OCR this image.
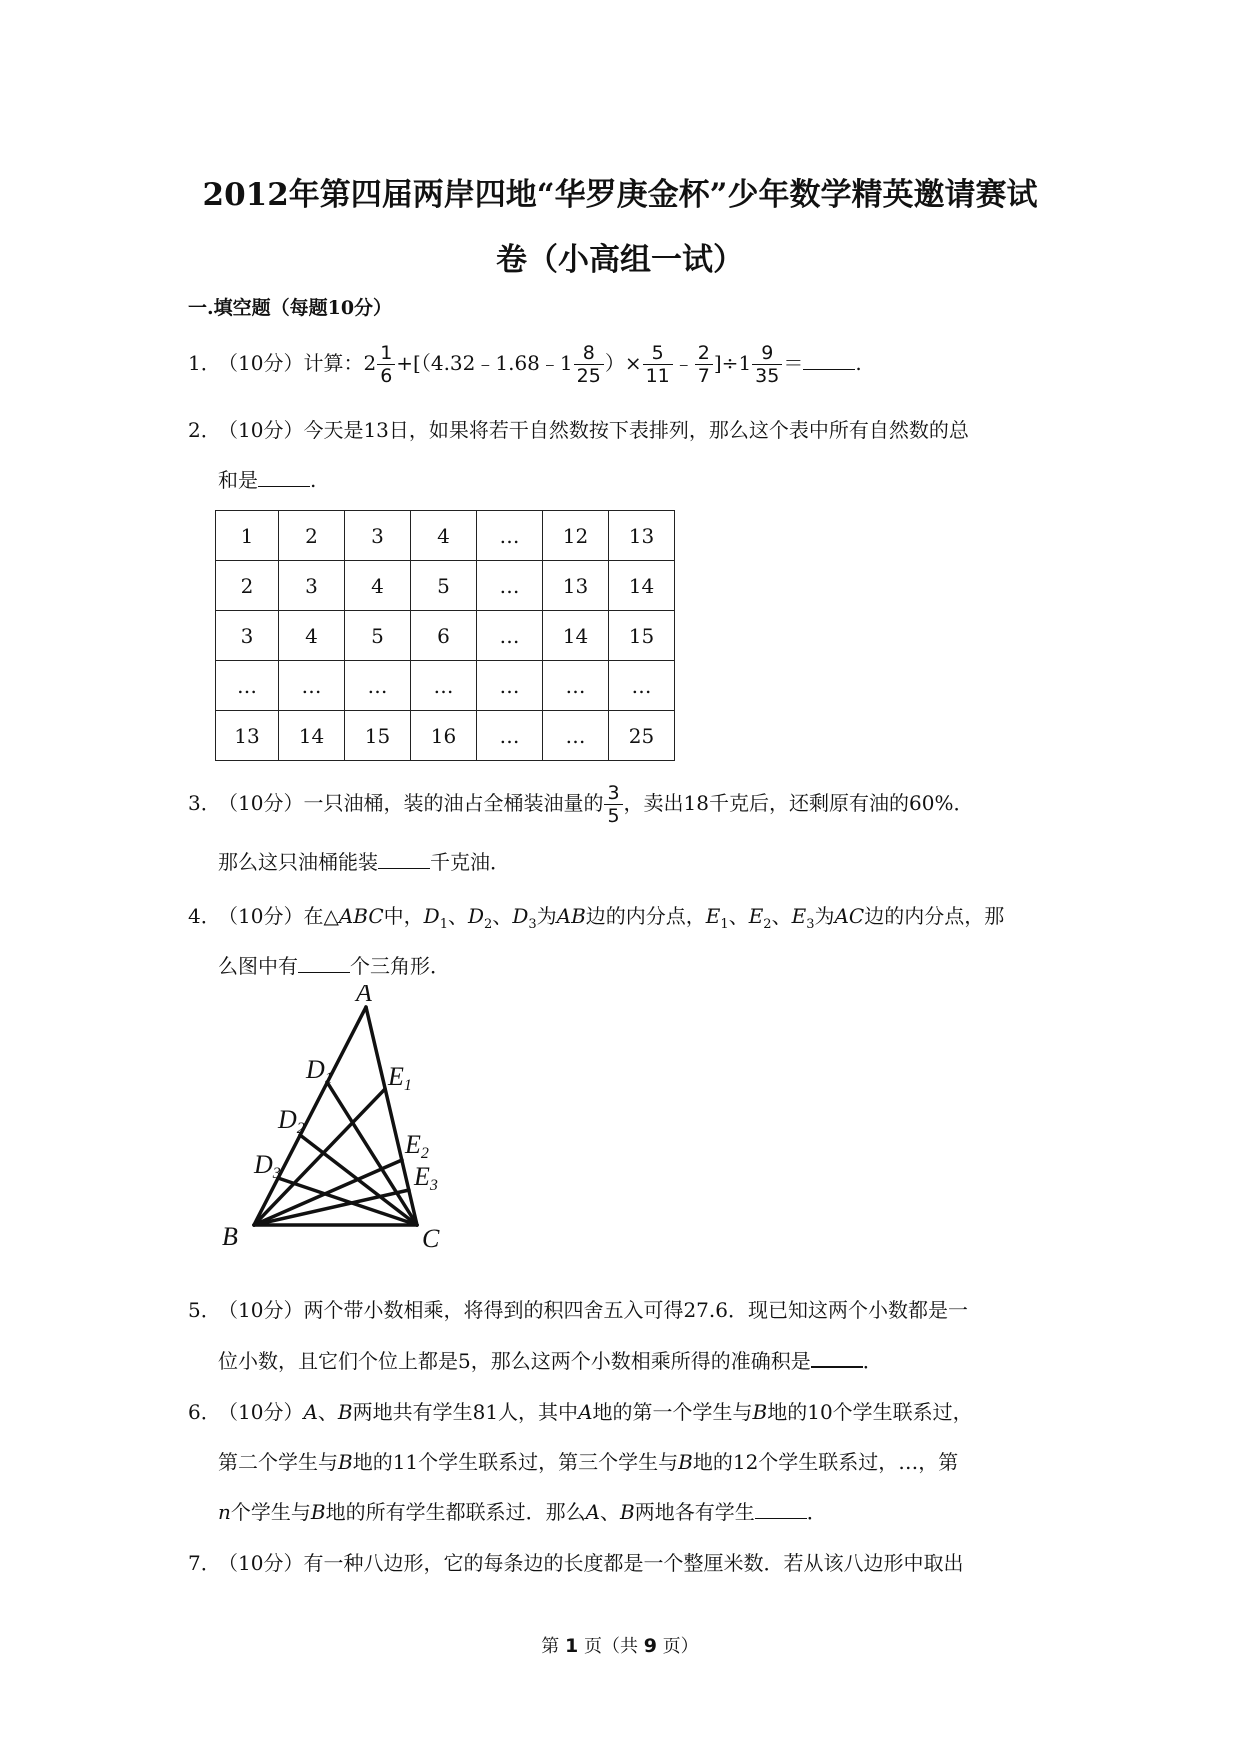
2012年第四届两岸四地“华罗庚金杯”少年数学精英邀请赛试
卷（小高组一试）
一.填空题（每题10分）
1．（10分）计算：$2 \frac{1}{6}$ +[（4.32﹣1.68﹣1 $\frac{8}{25}$ ）× $\frac{5}{11}$ ﹣ $\frac{2}{7} ]\div 1 \frac{9}{35}$ ＝	.
2．（10分）今天是13日，如果将若干自然数按下表排列，那么这个表中所有自然数的总
和是	.
1	2	3	4	…	12	13
2	3	4	5	…	13	14
3	4	5	6	…	14	15
…	…	…	…	…	…	…
13	14	15	16	…	…	25
3．（10分）一只油桶，装的油占全桶装油量的 $\frac{3}{5}$ ，卖出18千克后，还剩原有油的60%．
那么这只油桶能装	千克油．
4．（10分）在△ABC中，$D_1$、$D_2$、$D_3$为AB边的内分点，$E_1$、$E_2$、$E_3$为AC边的内分点，那
么图中有	个三角形．
A
B	C
D1
D2
D3
E1
E2
E3
5．（10分）两个带小数相乘，将得到的积四舍五入可得27.6．现已知这两个小数都是一
位小数，且它们个位上都是5，那么这两个小数相乘所得的准确积是	．
6．（10分）A、B两地共有学生81人，其中A地的第一个学生与B地的10个学生联系过，
第二个学生与B地的11个学生联系过，第三个学生与B地的12个学生联系过，…，第
n个学生与B地的所有学生都联系过．那么A、B两地各有学生	．
7．（10分）有一种八边形，它的每条边的长度都是一个整厘米数．若从该八边形中取出
第 1 页（共 9 页）
